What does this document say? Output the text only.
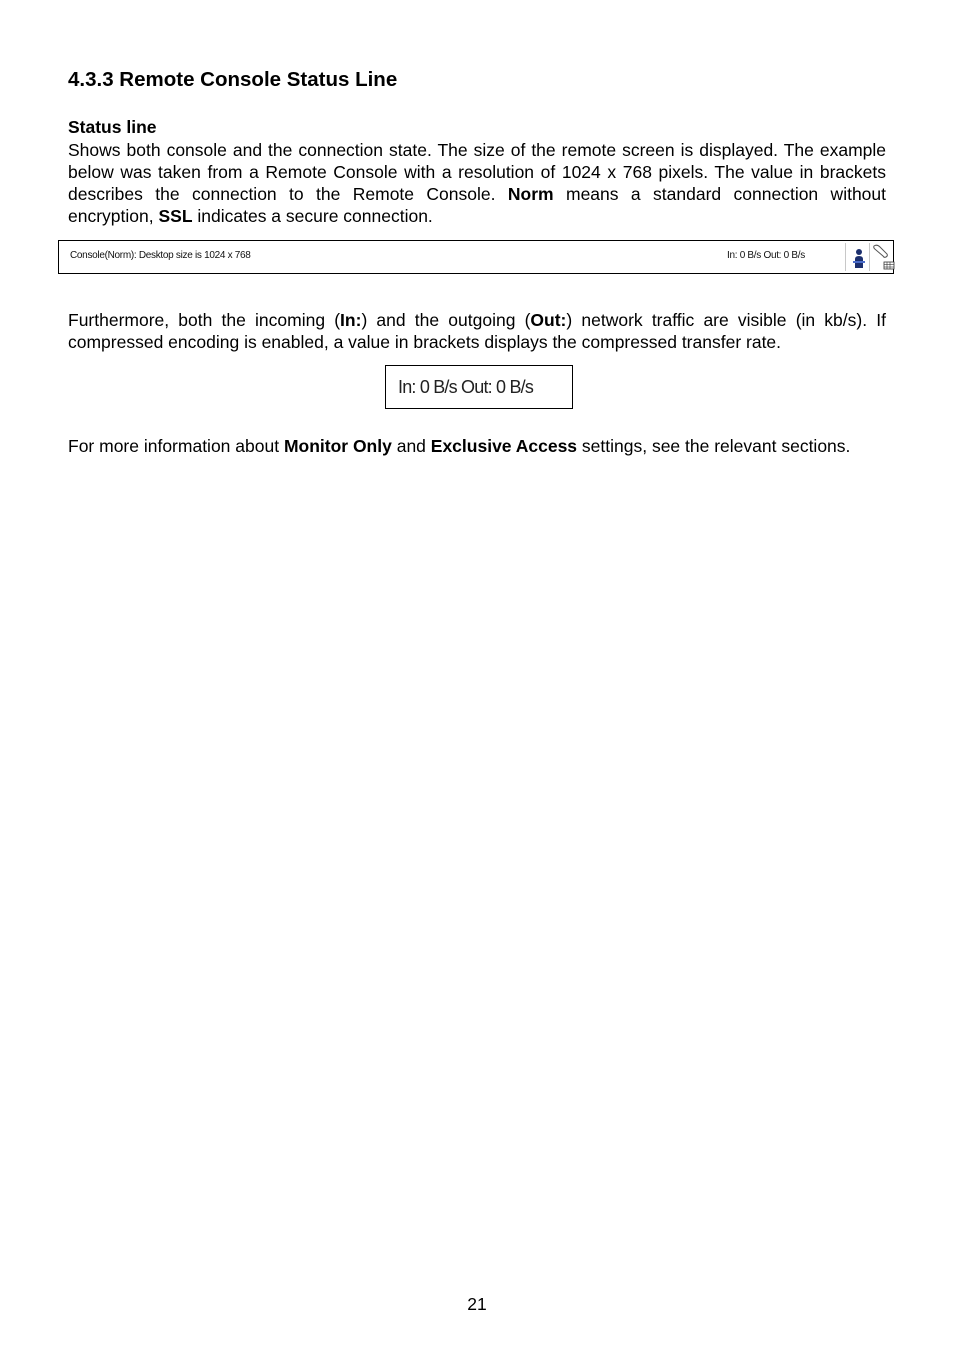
4.3.3 Remote Console Status Line
Status line

Shows both console and the connection state. The size of the remote screen is displayed. The example below was taken from a Remote Console with a resolution of 1024 x 768 pixels. The value in brackets describes the connection to the Remote Console. Norm means a standard connection without encryption, SSL indicates a secure connection.

Console(Norm): Desktop size is 1024 x 768	In: 0 B/s Out: 0 B/s

Furthermore, both the incoming (In:) and the outgoing (Out:) network traffic are visible (in kb/s). If compressed encoding is enabled, a value in brackets displays the compressed transfer rate.

In: 0 B/s Out: 0 B/s

For more information about Monitor Only and Exclusive Access settings, see the relevant sections.

21
